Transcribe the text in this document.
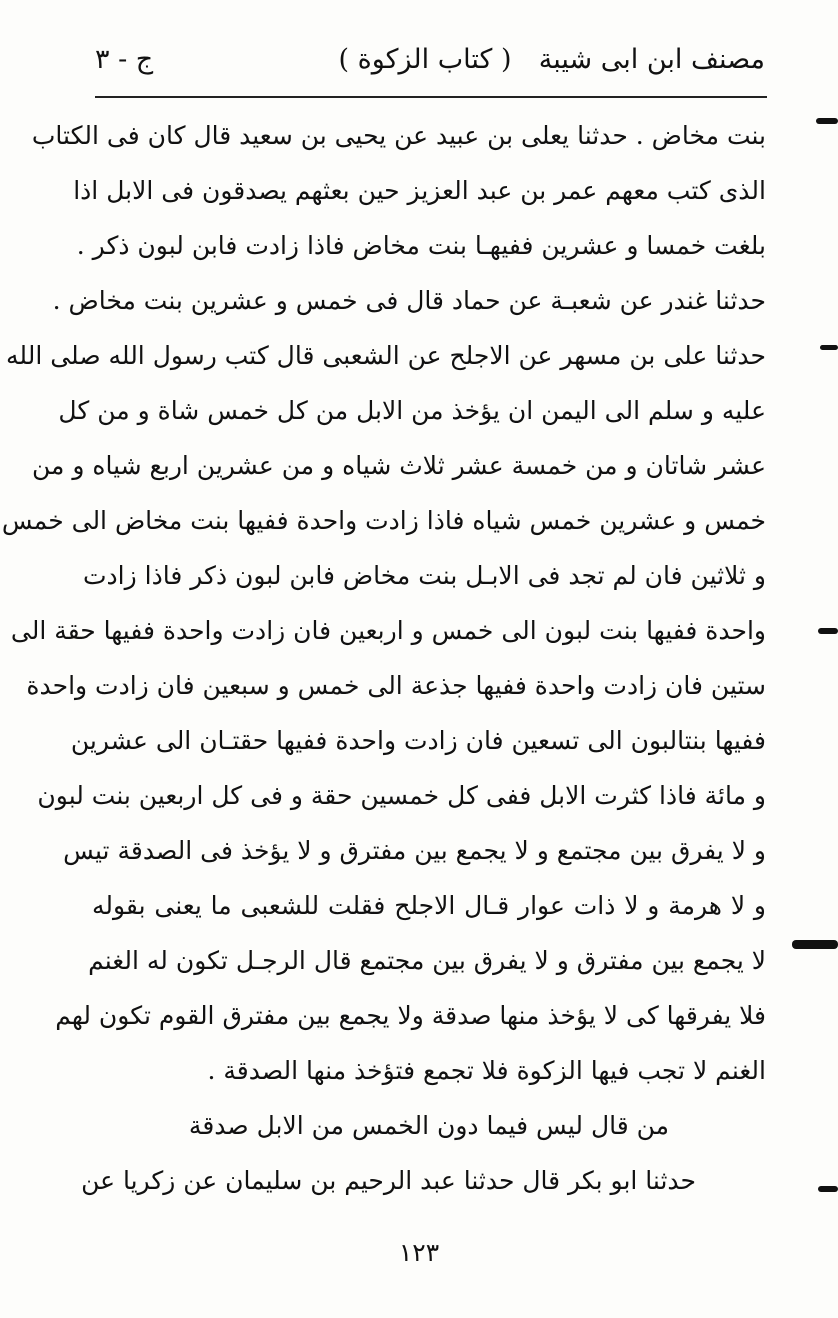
مصنف ابن ابى شيبة
( كتاب الزكوة )
ج - ٣
بنت مخاض . حدثنا يعلى بن عبيد عن يحيى بن سعيد قال كان فى الكتاب
الذى كتب معهم عمر بن عبد العزيز حين بعثهم يصدقون فى الابل اذا
بلغت خمسا و عشرين ففيهـا بنت مخاض فاذا زادت فابن لبون ذكر .
حدثنا غندر عن شعبـة عن حماد قال فى خمس و عشرين بنت مخاض .
حدثنا على بن مسهر عن الاجلح عن الشعبى قال كتب رسول الله صلى الله
عليه و سلم الى اليمن ان يؤخذ من الابل من كل خمس شاة و من كل
عشر شاتان و من خمسة عشر ثلاث شياه و من عشرين اربع شياه و من
خمس و عشرين خمس شياه فاذا زادت واحدة ففيها بنت مخاض الى خمس
و ثلاثين فان لم تجد فى الابـل بنت مخاض فابن لبون ذكر فاذا زادت
واحدة ففيها بنت لبون الى خمس و اربعين فان زادت واحدة ففيها حقة الى
ستين فان زادت واحدة ففيها جذعة الى خمس و سبعين فان زادت واحدة
ففيها بنتالبون الى تسعين فان زادت واحدة ففيها حقتـان الى عشرين
و مائة فاذا كثرت الابل ففى كل خمسين حقة و فى كل اربعين بنت لبون
و لا يفرق بين مجتمع و لا يجمع بين مفترق و لا يؤخذ فى الصدقة تيس
و لا هرمة و لا ذات عوار قـال الاجلح فقلت للشعبى ما يعنى بقوله
لا يجمع بين مفترق و لا يفرق بين مجتمع قال الرجـل تكون له الغنم
فلا يفرقها كى لا يؤخذ منها صدقة ولا يجمع بين مفترق القوم تكون لهم
الغنم لا تجب فيها الزكوة فلا تجمع فتؤخذ منها الصدقة .
من قال ليس فيما دون الخمس من الابل صدقة
حدثنا ابو بكر قال حدثنا عبد الرحيم بن سليمان عن زكريا عن
١٢٣
